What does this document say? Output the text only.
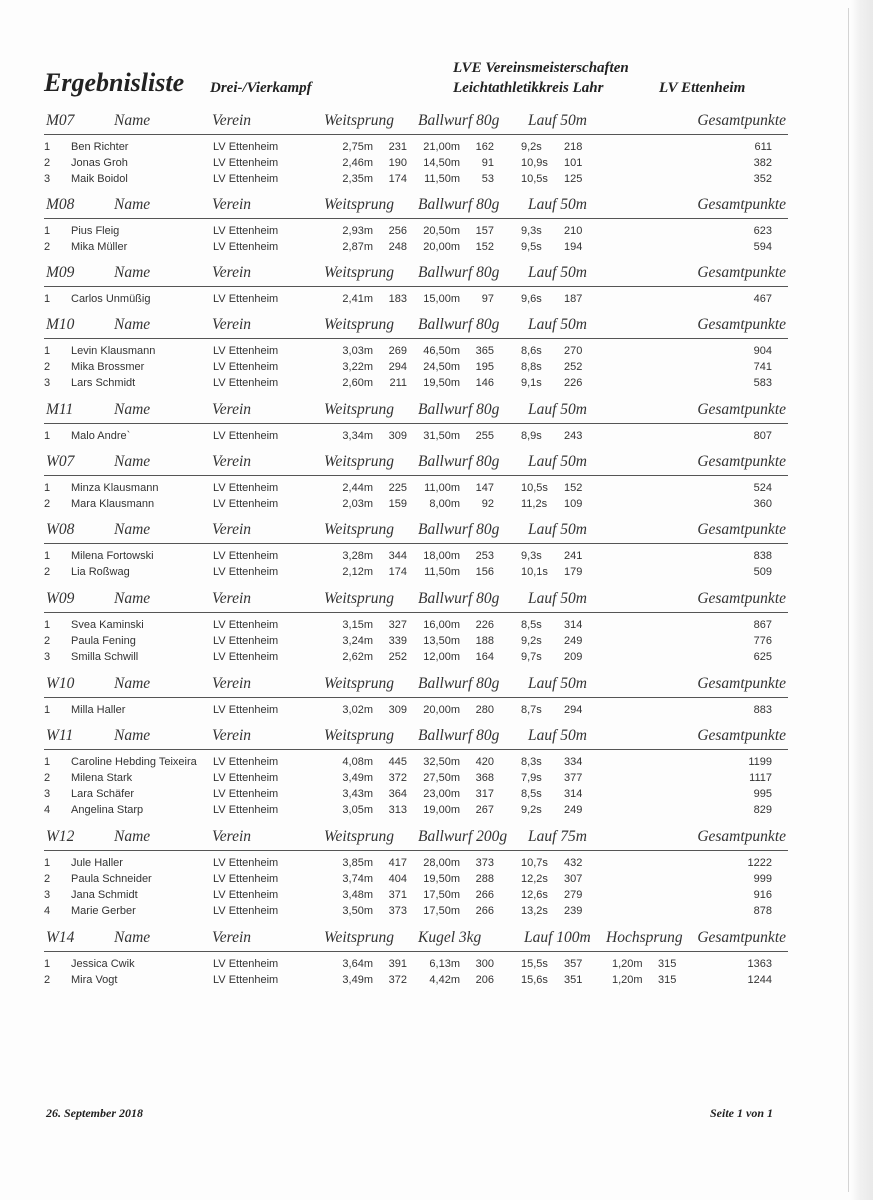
Ergebnisliste Drei-/Vierkampf
LVE Vereinsmeisterschaften
Leichtathletikkreis Lahr	LV Ettenheim
M07	Name	Verein	Weitsprung Ballwurf 80g Lauf 50m	Gesamtpunkte
1 Ben Richter	LV Ettenheim	2,75m 231 21,00m 162 9,2s 218	611
2 Jonas Groh	LV Ettenheim	2,46m 190 14,50m 91 10,9s 101	382
3 Maik Boidol	LV Ettenheim	2,35m 174 11,50m 53 10,5s 125	352
M08	Name	Verein	Weitsprung Ballwurf 80g Lauf 50m	Gesamtpunkte
1 Pius Fleig	LV Ettenheim	2,93m 256 20,50m 157 9,3s 210	623
2 Mika Müller	LV Ettenheim	2,87m 248 20,00m 152 9,5s 194	594
M09	Name	Verein	Weitsprung Ballwurf 80g Lauf 50m	Gesamtpunkte
1 Carlos Unmüßig	LV Ettenheim	2,41m 183 15,00m 97 9,6s 187	467
M10	Name	Verein	Weitsprung Ballwurf 80g Lauf 50m	Gesamtpunkte
1 Levin Klausmann	LV Ettenheim	3,03m 269 46,50m 365 8,6s 270	904
2 Mika Brossmer	LV Ettenheim	3,22m 294 24,50m 195 8,8s 252	741
3 Lars Schmidt	LV Ettenheim	2,60m 211 19,50m 146 9,1s 226	583
M11	Name	Verein	Weitsprung Ballwurf 80g Lauf 50m	Gesamtpunkte
1 Malo Andre`	LV Ettenheim	3,34m 309 31,50m 255 8,9s 243	807
W07	Name	Verein	Weitsprung Ballwurf 80g Lauf 50m	Gesamtpunkte
1 Minza Klausmann	LV Ettenheim	2,44m 225 11,00m 147 10,5s 152	524
2 Mara Klausmann	LV Ettenheim	2,03m 159 8,00m 92 11,2s 109	360
W08	Name	Verein	Weitsprung Ballwurf 80g Lauf 50m	Gesamtpunkte
1 Milena Fortowski	LV Ettenheim	3,28m 344 18,00m 253 9,3s 241	838
2 Lia Roßwag	LV Ettenheim	2,12m 174 11,50m 156 10,1s 179	509
W09	Name	Verein	Weitsprung Ballwurf 80g Lauf 50m	Gesamtpunkte
1 Svea Kaminski	LV Ettenheim	3,15m 327 16,00m 226 8,5s 314	867
2 Paula Fening	LV Ettenheim	3,24m 339 13,50m 188 9,2s 249	776
3 Smilla Schwill	LV Ettenheim	2,62m 252 12,00m 164 9,7s 209	625
W10	Name	Verein	Weitsprung Ballwurf 80g Lauf 50m	Gesamtpunkte
1 Milla Haller	LV Ettenheim	3,02m 309 20,00m 280 8,7s 294	883
W11	Name	Verein	Weitsprung Ballwurf 80g Lauf 50m	Gesamtpunkte
1 Caroline Hebding Teixeira LV Ettenheim	4,08m 445 32,50m 420 8,3s 334	1199
2 Milena Stark	LV Ettenheim	3,49m 372 27,50m 368 7,9s 377	1117
3 Lara Schäfer	LV Ettenheim	3,43m 364 23,00m 317 8,5s 314	995
4 Angelina Starp	LV Ettenheim	3,05m 313 19,00m 267 9,2s 249	829
W12	Name	Verein	Weitsprung Ballwurf 200g Lauf 75m	Gesamtpunkte
1 Jule Haller	LV Ettenheim	3,85m 417 28,00m 373 10,7s 432	1222
2 Paula Schneider	LV Ettenheim	3,74m 404 19,50m 288 12,2s 307	999
3 Jana Schmidt	LV Ettenheim	3,48m 371 17,50m 266 12,6s 279	916
4 Marie Gerber	LV Ettenheim	3,50m 373 17,50m 266 13,2s 239	878
W14	Name	Verein	Weitsprung Kugel 3kg	Lauf 100m Hochsprung Gesamtpunkte
1 Jessica Cwik	LV Ettenheim	3,64m 391 6,13m 300 15,5s 357	1,20m 315	1363
2 Mira Vogt	LV Ettenheim	3,49m 372 4,42m 206 15,6s 351	1,20m 315	1244
26. September 2018	Seite 1 von 1
